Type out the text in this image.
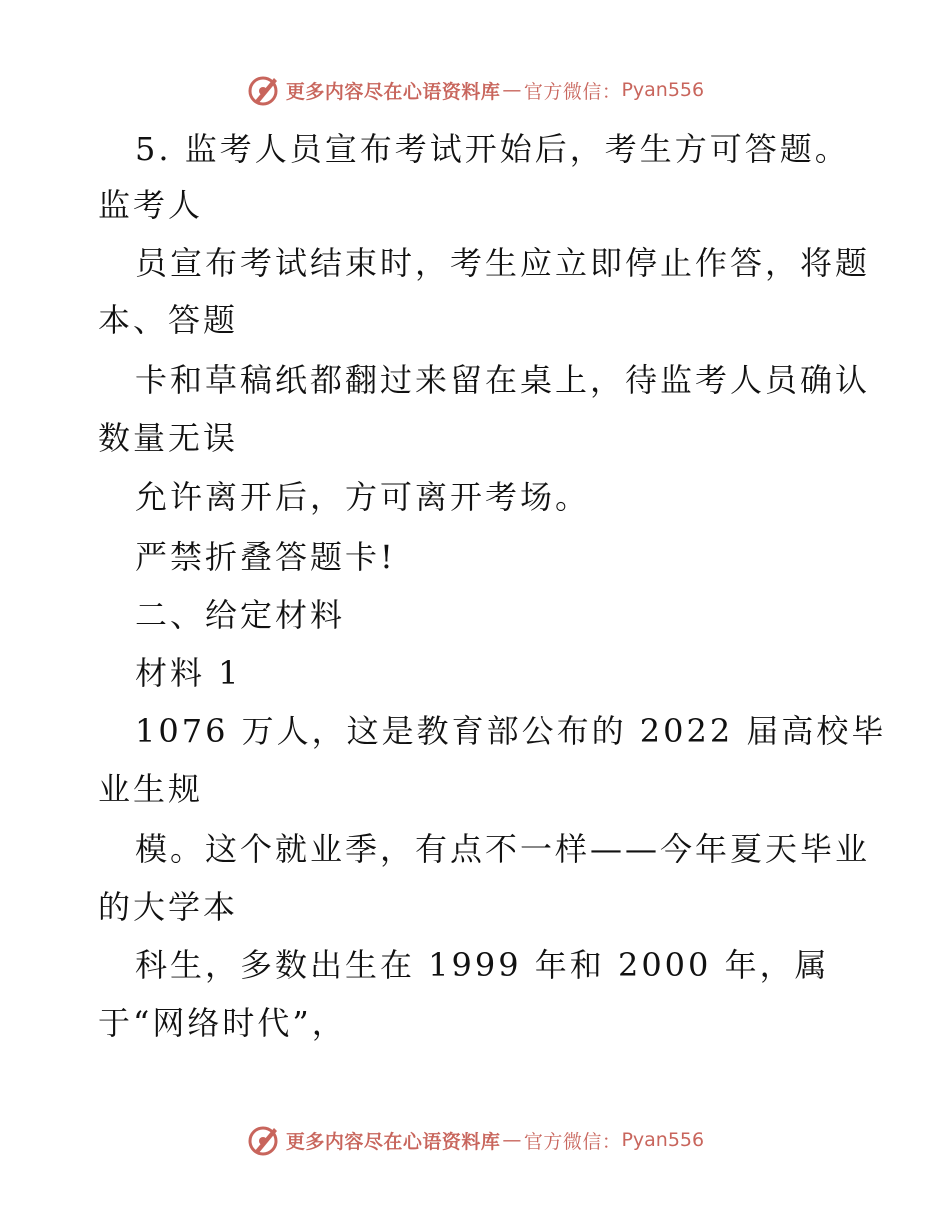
更多内容尽在心语资料库 — 官方微信： Pyan556
5. 监考人员宣布考试开始后，考生方可答题。
监考人
员宣布考试结束时，考生应立即停止作答，将题
本、答题
卡和草稿纸都翻过来留在桌上，待监考人员确认
数量无误
允许离开后，方可离开考场。
严禁折叠答题卡!
二、给定材料
材料 1
1076 万人，这是教育部公布的 2022 届高校毕
业生规
模。这个就业季，有点不一样——今年夏天毕业
的大学本
科生，多数出生在 1999 年和 2000 年，属
于“网络时代”，
更多内容尽在心语资料库 — 官方微信： Pyan556
